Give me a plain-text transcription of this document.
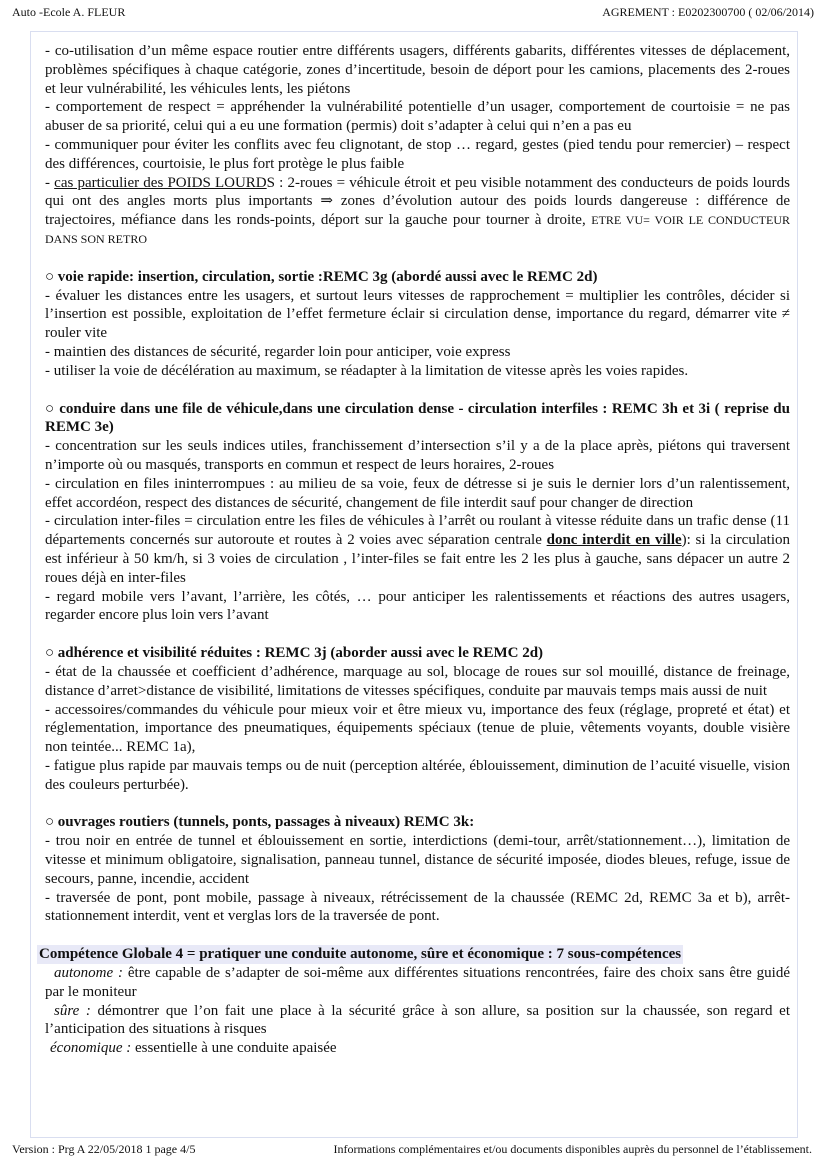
Auto -Ecole A. FLEUR	AGREMENT : E0202300700 ( 02/06/2014)

- co-utilisation d’un même espace routier entre différents usagers, différents gabarits, différentes vitesses de déplacement, problèmes spécifiques à chaque catégorie, zones d’incertitude, besoin de déport pour les camions, placements des 2-roues et leur vulnérabilité, les véhicules lents, les piétons

- comportement de respect = appréhender la vulnérabilité potentielle d’un usager, comportement de courtoisie = ne pas abuser de sa priorité, celui qui a eu une formation (permis) doit s’adapter à celui qui n’en a pas eu

- communiquer pour éviter les conflits avec feu clignotant, de stop … regard, gestes (pied tendu pour remercier) – respect des différences, courtoisie, le plus fort protège le plus faible

- cas particulier des POIDS LOURDS : 2-roues = véhicule étroit et peu visible notamment des conducteurs de poids lourds qui ont des angles morts plus importants ⇒ zones d’évolution autour des poids lourds dangereuse : différence de trajectoires, méfiance dans les ronds-points, déport sur la gauche pour tourner à droite, ETRE VU= VOIR LE CONDUCTEUR DANS SON RETRO

○ voie rapide: insertion, circulation, sortie :REMC 3g (abordé aussi avec le REMC 2d)

- évaluer les distances entre les usagers, et surtout leurs vitesses de rapprochement = multiplier les contrôles, décider si l’insertion est possible, exploitation de l’effet fermeture éclair si circulation dense, importance du regard, démarrer vite ≠ rouler vite

- maintien des distances de sécurité, regarder loin pour anticiper, voie express

- utiliser la voie de décélération au maximum, se réadapter à la limitation de vitesse après les voies rapides.

○ conduire dans une file de véhicule,dans une circulation dense - circulation interfiles : REMC 3h et 3i ( reprise du REMC 3e)

- concentration sur les seuls indices utiles, franchissement d’intersection s’il y a de la place après, piétons qui traversent n’importe où ou masqués, transports en commun et respect de leurs horaires, 2-roues

- circulation en files ininterrompues : au milieu de sa voie, feux de détresse si je suis le dernier lors d’un ralentissement, effet accordéon, respect des distances de sécurité, changement de file interdit sauf pour changer de direction

- circulation inter-files = circulation entre les files de véhicules à l’arrêt ou roulant à vitesse réduite dans un trafic dense (11 départements concernés sur autoroute et routes à 2 voies avec séparation centrale donc interdit en ville): si la circulation est inférieur à 50 km/h, si 3 voies de circulation , l’inter-files se fait entre les 2 les plus à gauche, sans dépacer un autre 2 roues déjà en inter-files

- regard mobile vers l’avant, l’arrière, les côtés, … pour anticiper les ralentissements et réactions des autres usagers, regarder encore plus loin vers l’avant

○ adhérence et visibilité réduites : REMC 3j (aborder aussi avec le REMC 2d)

- état de la chaussée et coefficient d’adhérence, marquage au sol, blocage de roues sur sol mouillé, distance de freinage, distance d’arret>distance de visibilité, limitations de vitesses spécifiques, conduite par mauvais temps mais aussi de nuit

- accessoires/commandes du véhicule pour mieux voir et être mieux vu, importance des feux (réglage, propreté et état) et réglementation, importance des pneumatiques, équipements spéciaux (tenue de pluie, vêtements voyants, double visière non teintée... REMC 1a),

- fatigue plus rapide par mauvais temps ou de nuit (perception altérée, éblouissement, diminution de l’acuité visuelle, vision des couleurs perturbée).

○ ouvrages routiers (tunnels, ponts, passages à niveaux) REMC 3k:

- trou noir en entrée de tunnel et éblouissement en sortie, interdictions (demi-tour, arrêt/stationnement…), limitation de vitesse et minimum obligatoire, signalisation, panneau tunnel, distance de sécurité imposée, diodes bleues, refuge, issue de secours, panne, incendie, accident

- traversée de pont, pont mobile, passage à niveaux, rétrécissement de la chaussée (REMC 2d, REMC 3a et b), arrêt-stationnement interdit, vent et verglas lors de la traversée de pont.

Compétence Globale 4 = pratiquer une conduite autonome, sûre et économique : 7 sous-compétences

autonome : être capable de s’adapter de soi-même aux différentes situations rencontrées, faire des choix sans être guidé par le moniteur

sûre : démontrer que l’on fait une place à la sécurité grâce à son allure, sa position sur la chaussée, son regard et l’anticipation des situations à risques

économique : essentielle à une conduite apaisée

Version : Prg A 22/05/2018 1 page 4/5	Informations complémentaires et/ou documents disponibles auprès du personnel de l’établissement.
